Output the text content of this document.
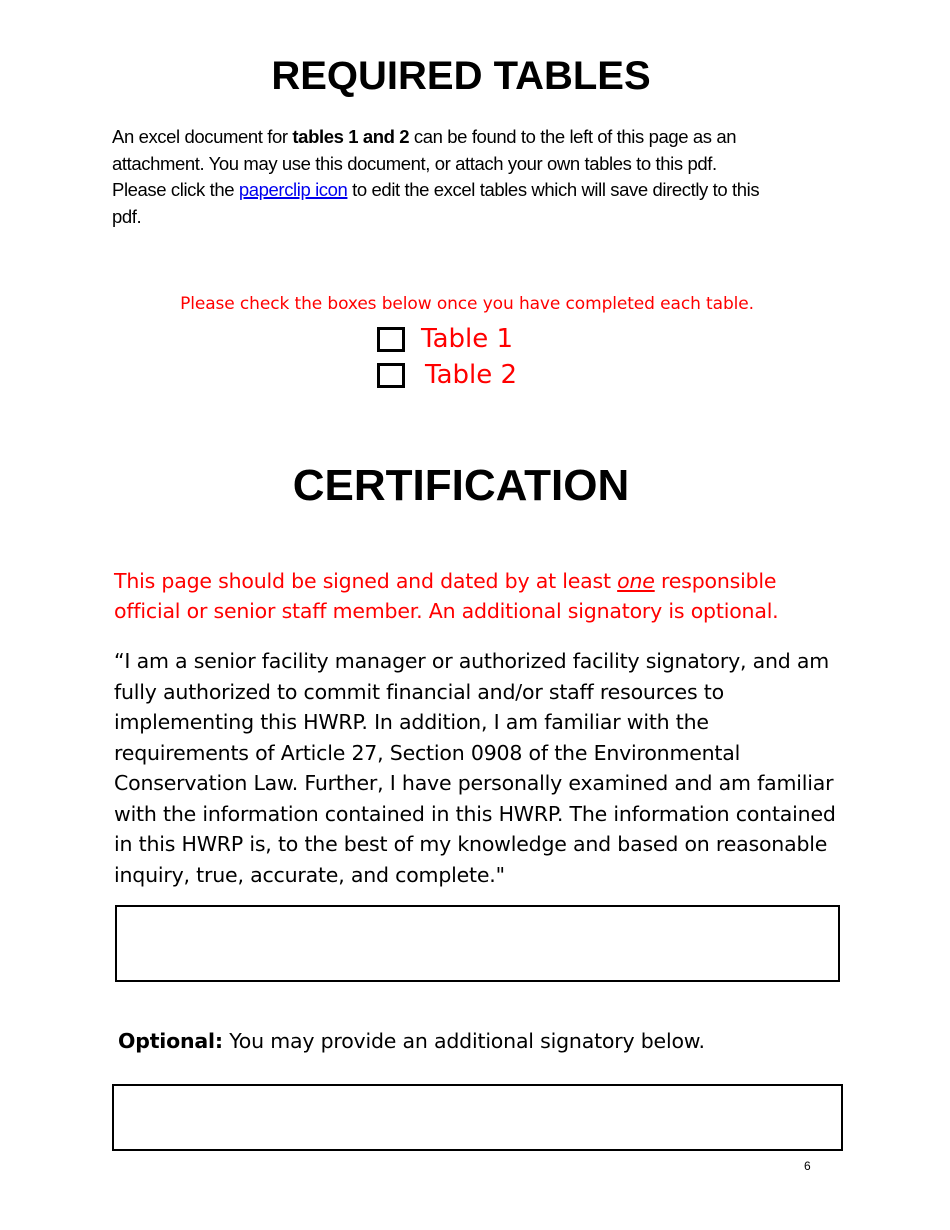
REQUIRED TABLES
An excel document for tables 1 and 2 can be found to the left of this page as an attachment. You may use this document, or attach your own tables to this pdf. Please click the paperclip icon to edit the excel tables which will save directly to this pdf.
Please check the boxes below once you have completed each table.
Table 1
Table 2
CERTIFICATION
This page should be signed and dated by at least one responsible official or senior staff member. An additional signatory is optional.
“I am a senior facility manager or authorized facility signatory, and am fully authorized to commit financial and/or staff resources to implementing this HWRP. In addition, I am familiar with the requirements of Article 27, Section 0908 of the Environmental Conservation Law. Further, I have personally examined and am familiar with the information contained in this HWRP. The information contained in this HWRP is, to the best of my knowledge and based on reasonable inquiry, true, accurate, and complete."
Optional: You may provide an additional signatory below.
6
